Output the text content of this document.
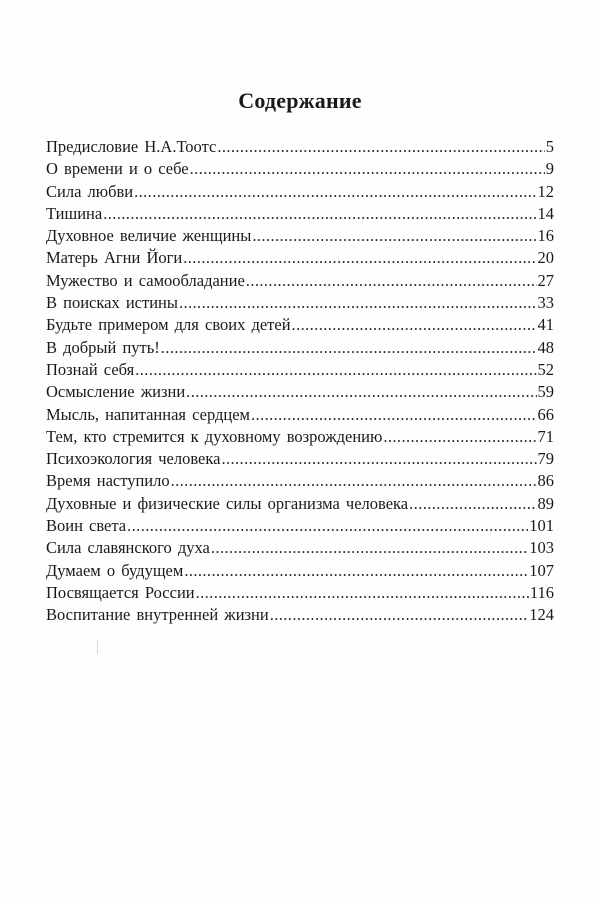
Содержание
Предисловие Н.А.Тоотс .....	5
О времени и о себе .....	9
Сила любви .....	12
Тишина .....	14
Духовное величие женщины .....	16
Матерь Агни Йоги .....	20
Мужество и самообладание .....	27
В поисках истины .....	33
Будьте примером для своих детей .....	41
В добрый путь! .....	48
Познай себя .....	52
Осмысление жизни .....	59
Мысль, напитанная сердцем .....	66
Тем, кто стремится к духовному возрождению .....	71
Психоэкология человека .....	79
Время наступило .....	86
Духовные и физические силы организма человека .....	89
Воин света .....	101
Сила славянского духа .....	103
Думаем о будущем .....	107
Посвящается России .....	116
Воспитание внутренней жизни .....	124
